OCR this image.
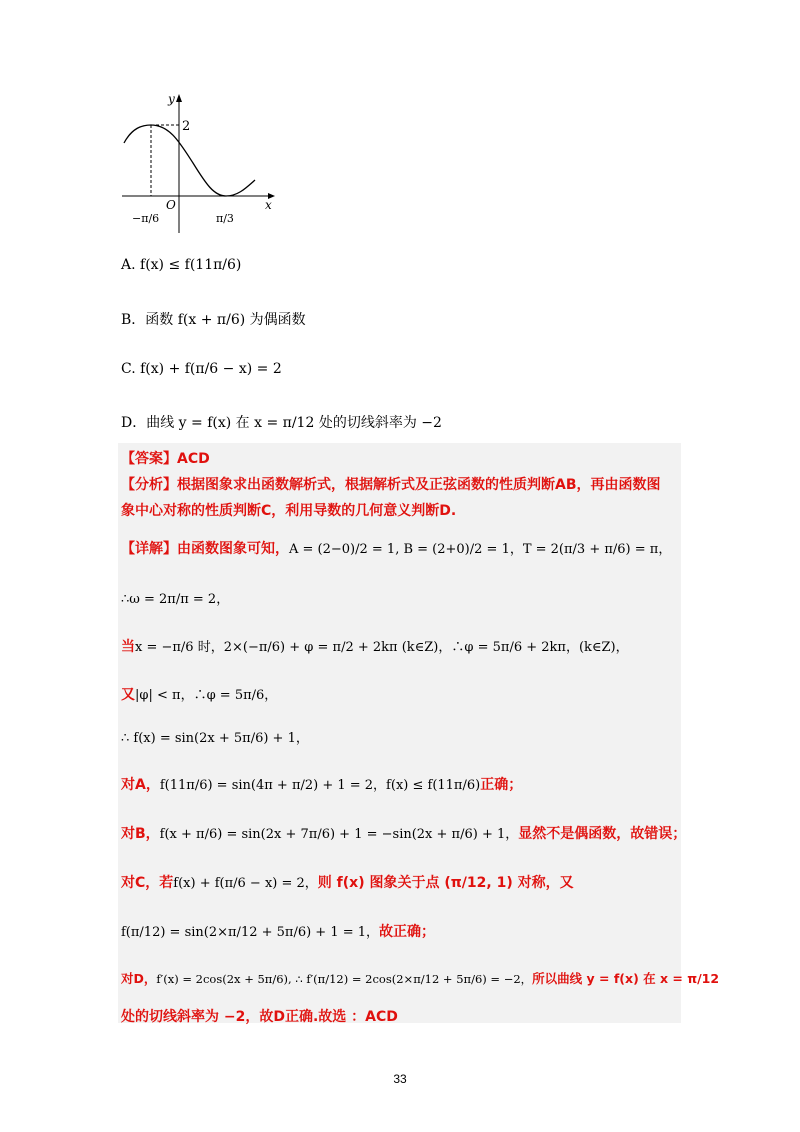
y
x
O
2
−π/6	π/3
A. f(x) ≤ f(11π/6)
B．函数 f(x + π/6) 为偶函数
C. f(x) + f(π/6 − x) = 2
D．曲线 y = f(x) 在 x = π/12 处的切线斜率为 −2
【答案】ACD
【分析】根据图象求出函数解析式，根据解析式及正弦函数的性质判断AB，再由函数图
象中心对称的性质判断C，利用导数的几何意义判断D.
【详解】由函数图象可知，A = (2−0)/2 = 1, B = (2+0)/2 = 1，T = 2(π/3 + π/6) = π，
∴ω = 2π/π = 2，
当x = −π/6 时，2×(−π/6) + φ = π/2 + 2kπ (k∈Z)，∴φ = 5π/6 + 2kπ，(k∈Z)，
又|φ| < π，∴φ = 5π/6，
∴ f(x) = sin(2x + 5π/6) + 1，
对A，f(11π/6) = sin(4π + π/2) + 1 = 2，f(x) ≤ f(11π/6)正确；
对B，f(x + π/6) = sin(2x + 7π/6) + 1 = −sin(2x + π/6) + 1，显然不是偶函数，故错误；
对C，若f(x) + f(π/6 − x) = 2，则 f(x) 图象关于点 (π/12, 1) 对称，又
f(π/12) = sin(2×π/12 + 5π/6) + 1 = 1，故正确；
对D，f′(x) = 2cos(2x + 5π/6), ∴ f′(π/12) = 2cos(2×π/12 + 5π/6) = −2，所以曲线 y = f(x) 在 x = π/12
处的切线斜率为 −2，故D正确.故选 ：ACD
33
